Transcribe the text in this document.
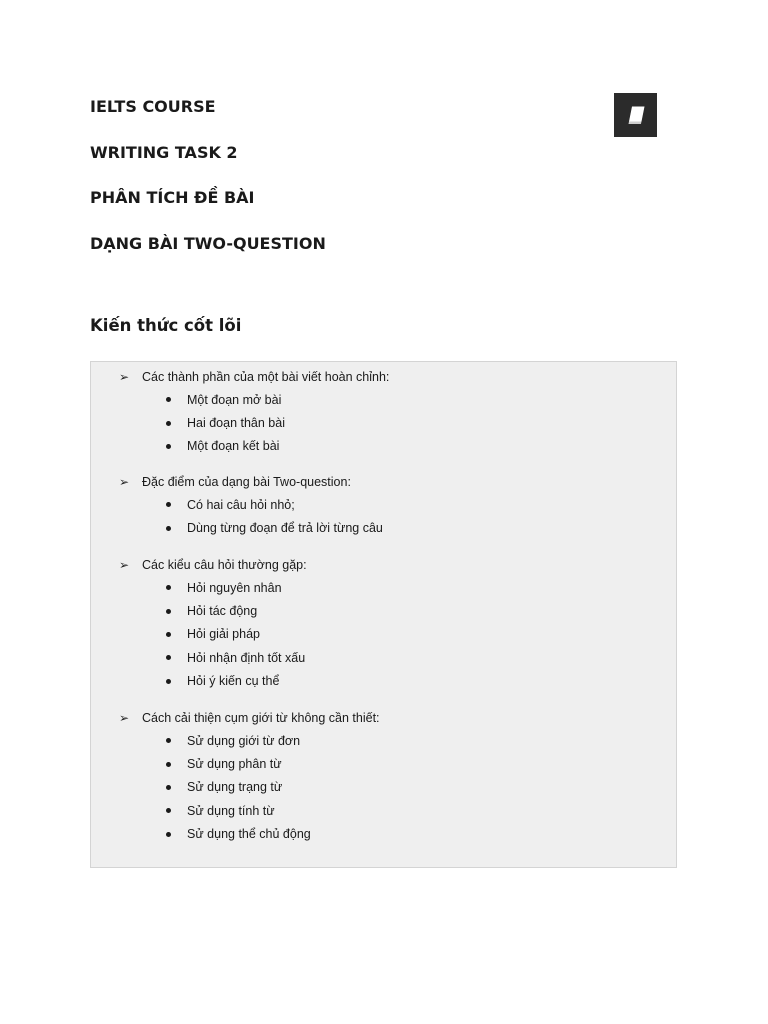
IELTS COURSE
WRITING TASK 2
PHÂN TÍCH ĐỀ BÀI
DẠNG BÀI TWO-QUESTION
Kiến thức cốt lõi
➢	Các thành phần của một bài viết hoàn chỉnh:
Một đoạn mở bài
Hai đoạn thân bài
Một đoạn kết bài
➢	Đặc điểm của dạng bài Two-question:
Có hai câu hỏi nhỏ;
Dùng từng đoạn để trả lời từng câu
➢	Các kiểu câu hỏi thường gặp:
Hỏi nguyên nhân
Hỏi tác động
Hỏi giải pháp
Hỏi nhận định tốt xấu
Hỏi ý kiến cụ thể
➢	Cách cải thiện cụm giới từ không cần thiết:
Sử dụng giới từ đơn
Sử dụng phân từ
Sử dụng trạng từ
Sử dụng tính từ
Sử dụng thể chủ động
